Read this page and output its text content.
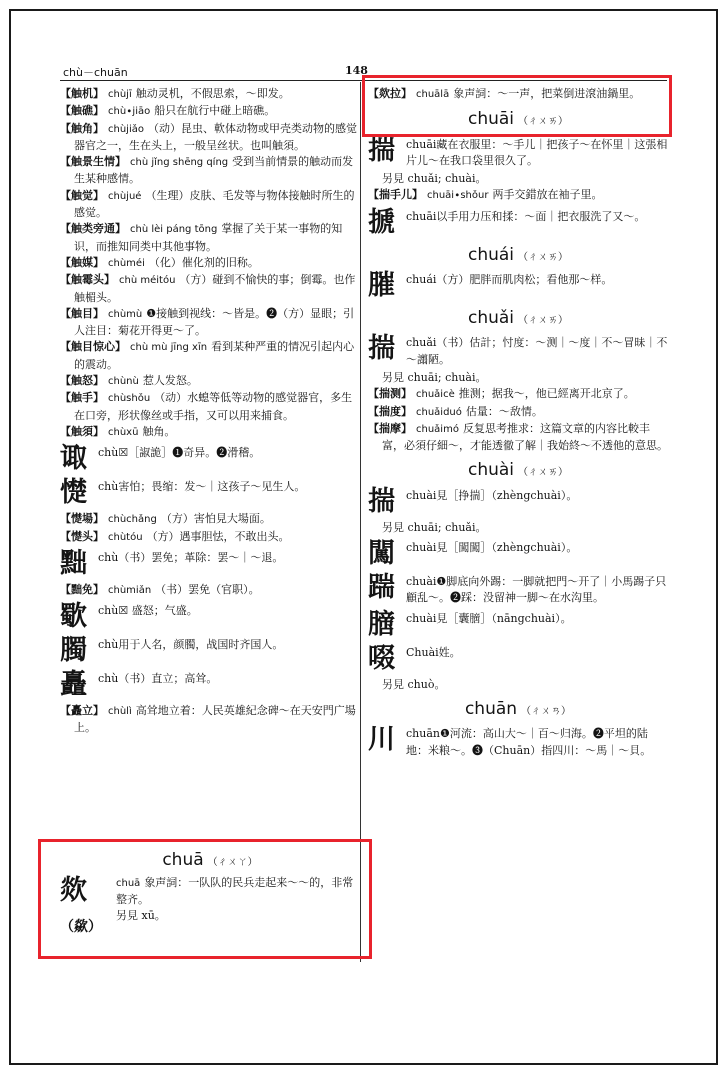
chù－chuān	148

【触机】 chùjī 触动灵机，不假思索，～即发。

【触礁】 chù∙jiāo 船只在航行中碰上暗礁。

【触角】 chùjiǎo （动）昆虫、軟体动物或甲壳类动物的感觉器官之一，生在头上，一般呈丝状。也叫触須。

【触景生情】 chù jǐng shēng qíng 受到当前情景的触动而发生某种感情。

【触觉】 chùjué （生理）皮肤、毛发等与物体接触时所生的感觉。

【触类旁通】 chù lèi páng tōng 掌握了关于某一事物的知识，而推知同类中其他事物。

【触媒】 chùméi （化）催化剂的旧称。

【触霉头】 chù méitóu （方）碰到不愉快的事；倒霉。也作触楣头。

【触目】 chùmù ❶接触到视线：～皆是。❷（方）显眼；引人注目：菊花开得更～了。

【触目惊心】 chù mù jīng xīn 看到某种严重的情况引起内心的震动。

【触怒】 chùnù 惹人发怒。

【触手】 chùshǒu （动）水螅等低等动物的感觉器官，多生在口旁，形状像丝或手指，又可以用来捕食。

【触須】 chùxū 触角。

诹	chù☒［諔詭］❶奇异。❷滑稽。
憷	chù害怕；畏缩：发～｜这孩子～见生人。

【憷場】 chùchǎng （方）害怕見大場面。

【憷头】 chùtóu （方）遇事胆怯，不敢出头。

黜	chù（书）罢免；革除：罢～｜～退。

【黜免】 chùmiǎn （书）罢免（官职）。

歜	chù☒ 盛怒；气盛。
臅	chù用于人名，颜臅，战国时齐国人。
矗	chù（书）直立；高耸。

【矗立】 chùlì 高耸地立着：人民英雄紀念碑～在天安門广場上。

chuā （ㄔㄨㄚ）
欻（歘）
chuā 象声詞：一队队的民兵走起来～～的，非常整齐。
另見 xū。

【欻拉】 chuālā 象声詞：～一声，把菜倒进滾油鍋里。

chuāi （ㄔㄨㄞ）
揣	chuāi藏在衣服里：～手儿｜把孩子～在怀里｜这張相片儿～在我口袋里很久了。
另見 chuǎi; chuài。

【揣手儿】 chuāi∙shǒur 两手交錯放在袖子里。

搋	chuāi以手用力压和揉：～面｜把衣服洗了又～。
chuái （ㄔㄨㄞ）
膗	chuái（方）肥胖而肌肉松；看他那～样。
chuǎi （ㄔㄨㄞ）
揣	chuǎi（书）估計；忖度：～测｜～度｜不～冒昧｜不～譾陋。
另見 chuāi; chuài。

【揣测】 chuǎicè 推测；据我～，他已經离开北京了。

【揣度】 chuǎiduó 估量：～敌情。

【揣摩】 chuǎimó 反复思考推求：这篇文章的内容比較丰富，必須仔細～，才能透徹了解｜我始終～不透他的意思。

chuài （ㄔㄨㄞ）
揣	chuài見［挣揣］（zhèngchuài）。
另見 chuāi; chuǎi。
闖	chuài見［闖闖］（zhèngchuài）。
踹	chuài❶脚底向外踢：一脚就把門～开了｜小馬踢子只顧乱～。❷踩：没留神一脚～在水沟里。
膪	chuài見［囊膪］（nāngchuài）。
啜	Chuài姓。
另見 chuò。
chuān （ㄔㄨㄢ）
川	chuān❶河流：高山大～｜百～归海。❷平坦的陆地：米粮～。❸（Chuān）指四川：～馬｜～貝。
